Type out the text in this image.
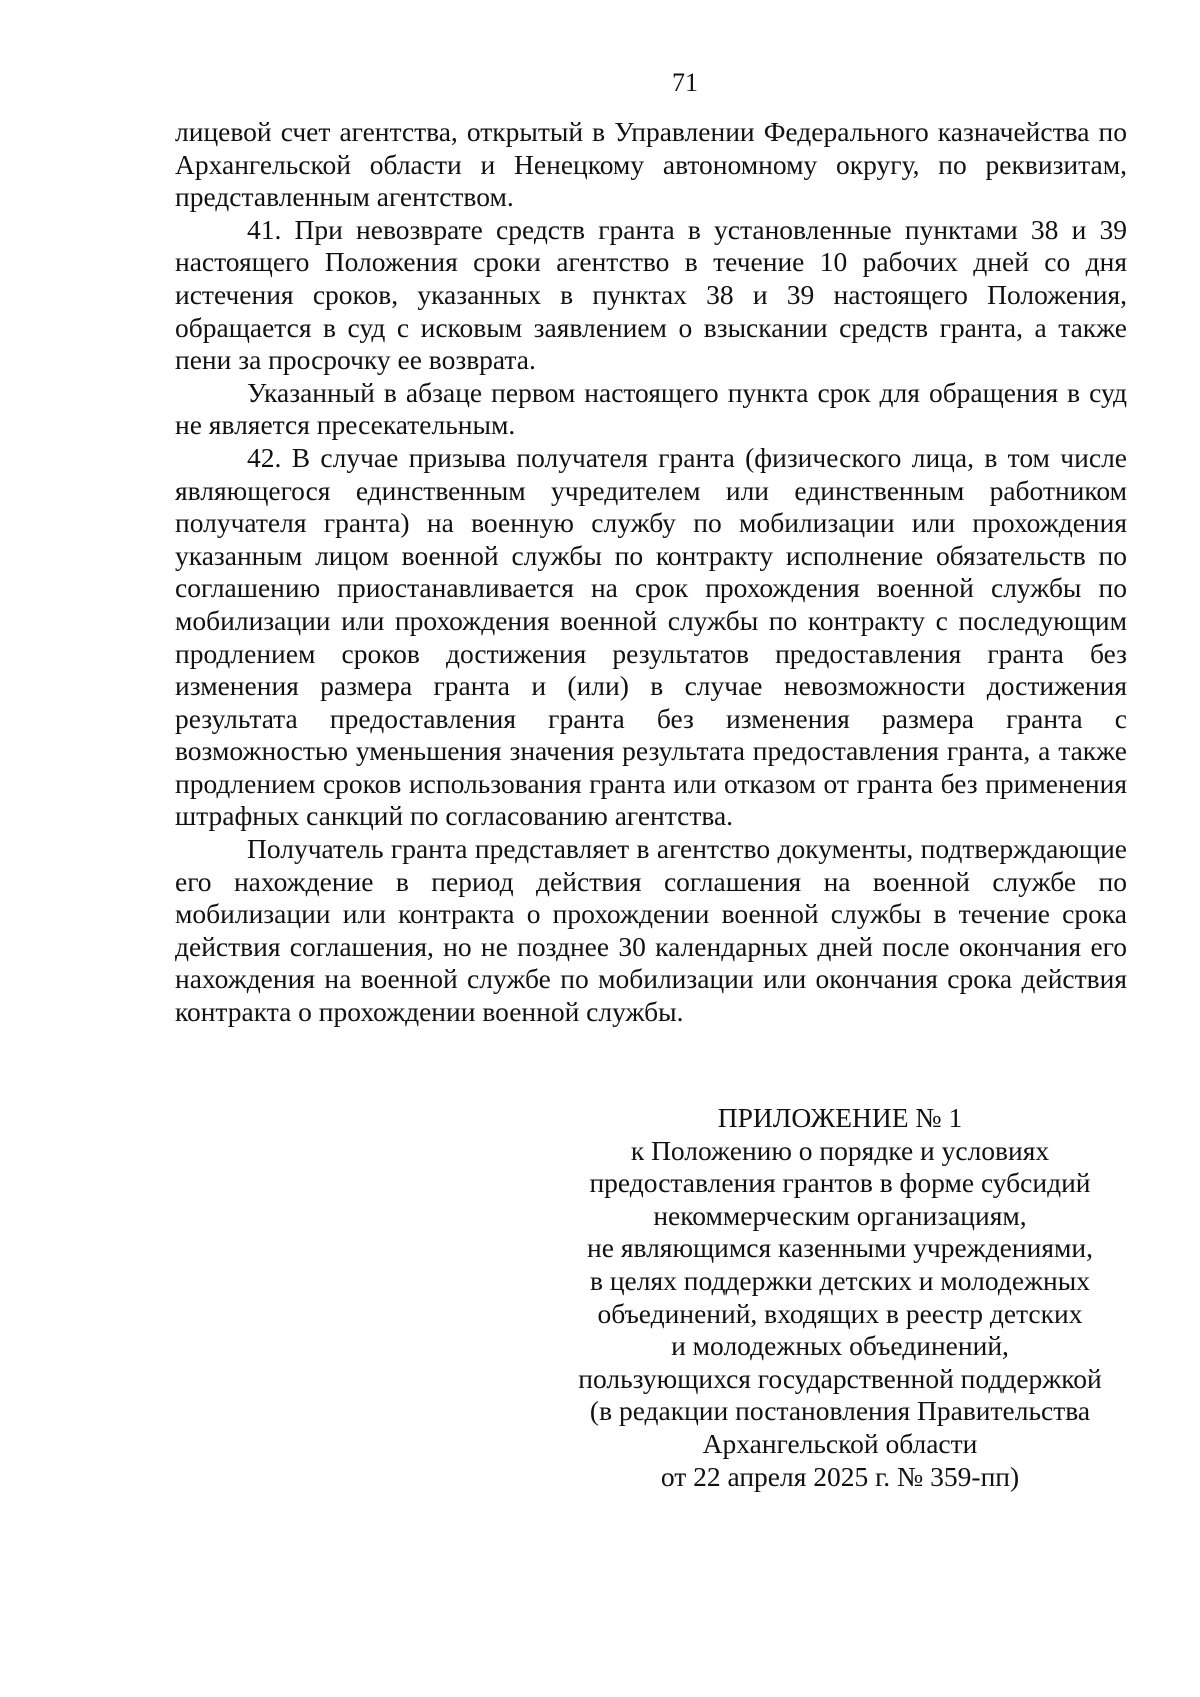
71

лицевой счет агентства, открытый в Управлении Федерального казначейства по Архангельской области и Ненецкому автономному округу, по реквизитам, представленным агентством.

41. При невозврате средств гранта в установленные пунктами 38 и 39 настоящего Положения сроки агентство в течение 10 рабочих дней со дня истечения сроков, указанных в пунктах 38 и 39 настоящего Положения, обращается в суд с исковым заявлением о взыскании средств гранта, а также пени за просрочку ее возврата.

Указанный в абзаце первом настоящего пункта срок для обращения в суд не является пресекательным.

42. В случае призыва получателя гранта (физического лица, в том числе являющегося единственным учредителем или единственным работником получателя гранта) на военную службу по мобилизации или прохождения указанным лицом военной службы по контракту исполнение обязательств по соглашению приостанавливается на срок прохождения военной службы по мобилизации или прохождения военной службы по контракту с последующим продлением сроков достижения результатов предоставления гранта без изменения размера гранта и (или) в случае невозможности достижения результата предоставления гранта без изменения размера гранта с возможностью уменьшения значения результата предоставления гранта, а также продлением сроков использования гранта или отказом от гранта без применения штрафных санкций по согласованию агентства.

Получатель гранта представляет в агентство документы, подтверждающие его нахождение в период действия соглашения на военной службе по мобилизации или контракта о прохождении военной службы в течение срока действия соглашения, но не позднее 30 календарных дней после окончания его нахождения на военной службе по мобилизации или окончания срока действия контракта о прохождении военной службы.

ПРИЛОЖЕНИЕ № 1
к Положению о порядке и условиях
предоставления грантов в форме субсидий
некоммерческим организациям,
не являющимся казенными учреждениями,
в целях поддержки детских и молодежных
объединений, входящих в реестр детских
и молодежных объединений,
пользующихся государственной поддержкой
(в редакции постановления Правительства
Архангельской области
от 22 апреля 2025 г. № 359-пп)
